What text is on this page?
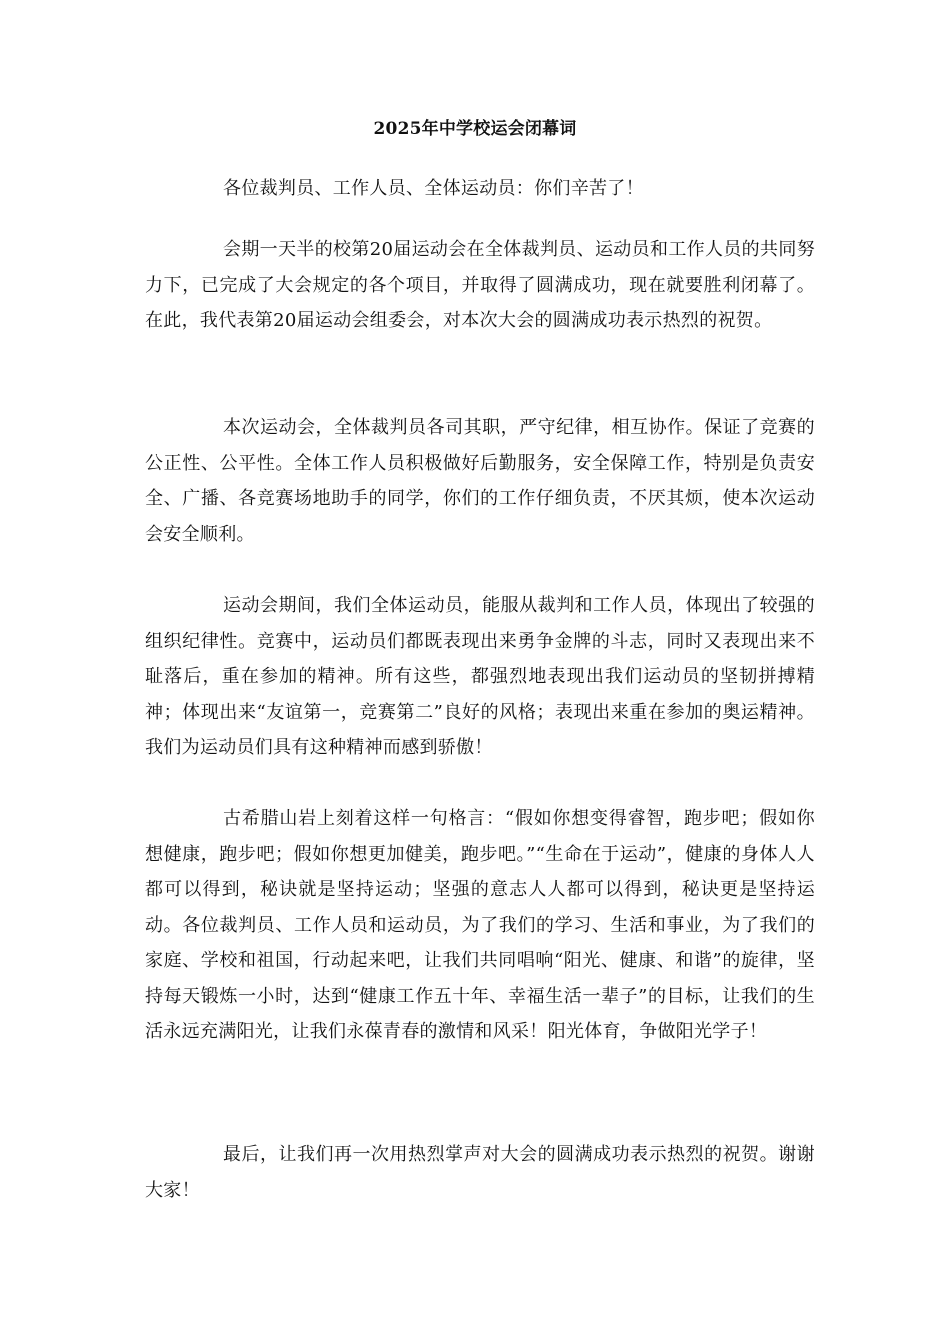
2025年中学校运会闭幕词

各位裁判员、工作人员、全体运动员：你们辛苦了！

会期一天半的校第20届运动会在全体裁判员、运动员和工作人员的共同努力下，已完成了大会规定的各个项目，并取得了圆满成功，现在就要胜利闭幕了。在此，我代表第20届运动会组委会，对本次大会的圆满成功表示热烈的祝贺。

本次运动会，全体裁判员各司其职，严守纪律，相互协作。保证了竞赛的公正性、公平性。全体工作人员积极做好后勤服务，安全保障工作，特别是负责安全、广播、各竞赛场地助手的同学，你们的工作仔细负责，不厌其烦，使本次运动会安全顺利。

运动会期间，我们全体运动员，能服从裁判和工作人员，体现出了较强的组织纪律性。竞赛中，运动员们都既表现出来勇争金牌的斗志，同时又表现出来不耻落后，重在参加的精神。所有这些，都强烈地表现出我们运动员的坚韧拼搏精神；体现出来“友谊第一，竞赛第二”良好的风格；表现出来重在参加的奥运精神。我们为运动员们具有这种精神而感到骄傲！

古希腊山岩上刻着这样一句格言：“假如你想变得睿智，跑步吧；假如你想健康，跑步吧；假如你想更加健美，跑步吧。”“生命在于运动”，健康的身体人人都可以得到，秘诀就是坚持运动；坚强的意志人人都可以得到，秘诀更是坚持运动。各位裁判员、工作人员和运动员，为了我们的学习、生活和事业，为了我们的家庭、学校和祖国，行动起来吧，让我们共同唱响“阳光、健康、和谐”的旋律，坚持每天锻炼一小时，达到“健康工作五十年、幸福生活一辈子”的目标，让我们的生活永远充满阳光，让我们永葆青春的激情和风采！阳光体育，争做阳光学子！

最后，让我们再一次用热烈掌声对大会的圆满成功表示热烈的祝贺。谢谢大家！
